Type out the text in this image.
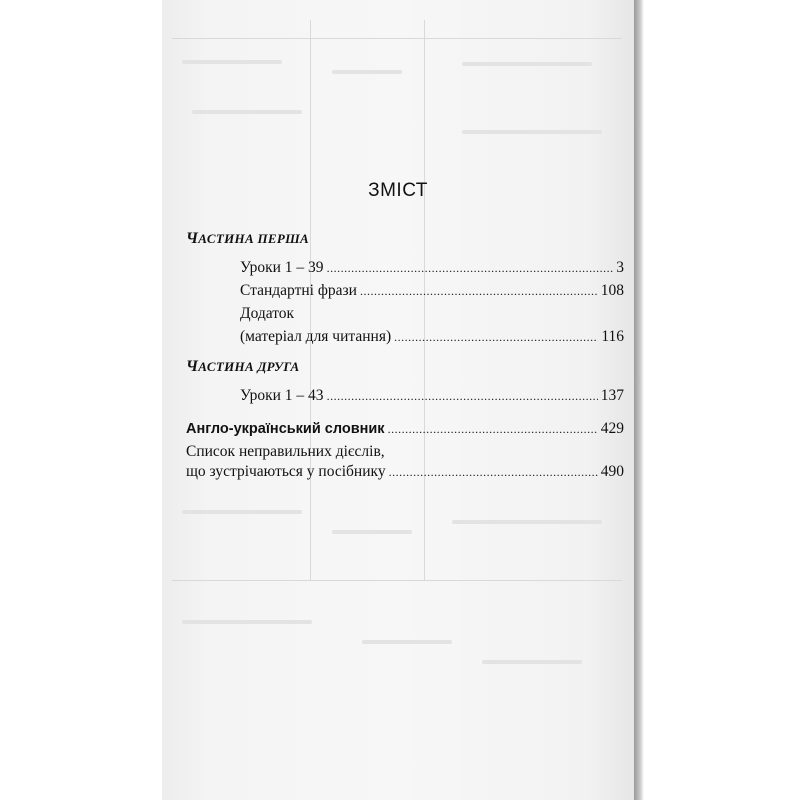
ЗМІСТ
ЧАСТИНА ПЕРША
Уроки 1 – 39 .....	3
Стандартні фрази .....	108
Додаток
(матеріал для читання) .....	116
ЧАСТИНА ДРУГА
Уроки 1 – 43 .....	137
Англо-український словник .....	429
Список неправильних дієслів,
що зустрічаються у посібнику .....	490
